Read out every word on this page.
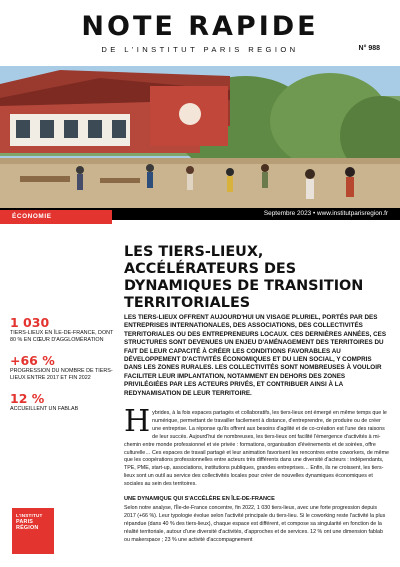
NOTE RAPIDE
DE L'INSTITUT PARIS REGION	N° 988
Septembre 2023 • www.institutparisregion.fr
ÉCONOMIE
LES TIERS-LIEUX, ACCÉLÉRATEURS DES DYNAMIQUES DE TRANSITION TERRITORIALES
1 030
TIERS-LIEUX EN ÎLE-DE-FRANCE, DONT 80 % EN CŒUR D'AGGLOMÉRATION
+66 %
PROGRESSION DU NOMBRE DE TIERS-LIEUX ENTRE 2017 ET FIN 2022
12 %
ACCUEILLENT UN FABLAB

LES TIERS-LIEUX OFFRENT AUJOURD'HUI UN VISAGE PLURIEL, PORTÉS PAR DES ENTREPRISES INTERNATIONALES, DES ASSOCIATIONS, DES COLLECTIVITÉS TERRITORIALES OU DES ENTREPRENEURS LOCAUX. CES DERNIÈRES ANNÉES, CES STRUCTURES SONT DEVENUES UN ENJEU D'AMÉNAGEMENT DES TERRITOIRES DU FAIT DE LEUR CAPACITÉ À CRÉER LES CONDITIONS FAVORABLES AU DÉVELOPPEMENT D'ACTIVITÉS ÉCONOMIQUES ET DU LIEN SOCIAL, Y COMPRIS DANS LES ZONES RURALES. LES COLLECTIVITÉS SONT NOMBREUSES À VOULOIR FACILITER LEUR IMPLANTATION, NOTAMMENT EN DEHORS DES ZONES PRIVILÉGIÉES PAR LES ACTEURS PRIVÉS, ET CONTRIBUER AINSI À LA REDYNAMISATION DE LEUR TERRITOIRE.

H ybrides, à la fois espaces partagés et collaboratifs, les tiers-lieux ont émergé en même temps que le numérique, permettant de travailler facilement à distance, d'entreprendre, de produire ou de créer une entreprise. La réponse qu'ils offrent aux besoins d'agilité et de co-création est l'une des raisons de leur succès. Aujourd'hui de nombreuses, les tiers-lieux ont facilité l'émergence d'activités à mi-chemin entre monde professionnel et vie privée : formations, organisation d'événements et de soirées, offre culturelle… Ces espaces de travail partagé et leur animation favorisent les rencontres entre coworkers, de même que les coopérations professionnelles entre acteurs très différents dans une diversité d'acteurs : indépendants, TPE, PME, start-up, associations, institutions publiques, grandes entreprises… Enfin, ils ne croissent, les tiers-lieux sont un outil au service des collectivités locales pour créer de nouvelles dynamiques économiques et sociales au sein des territoires.

UNE DYNAMIQUE QUI S'ACCÉLÈRE EN ÎLE-DE-FRANCE

Selon notre analyse, l'Île-de-France concentre, fin 2022, 1 030 tiers-lieux, avec une forte progression depuis 2017 (+66 %). Leur typologie évolue selon l'activité principale du tiers-lieu. Si le coworking reste l'activité la plus répandue (dans 40 % des tiers-lieux), chaque espace est différent, et compose sa singularité en fonction de la réalité territoriale, autour d'une diversité d'activités, d'approches et de services. 12 % ont une dimension fablab ou makerspace ; 23 % une activité d'accompagnement

L'INSTITUT
PARIS
RÉGION
